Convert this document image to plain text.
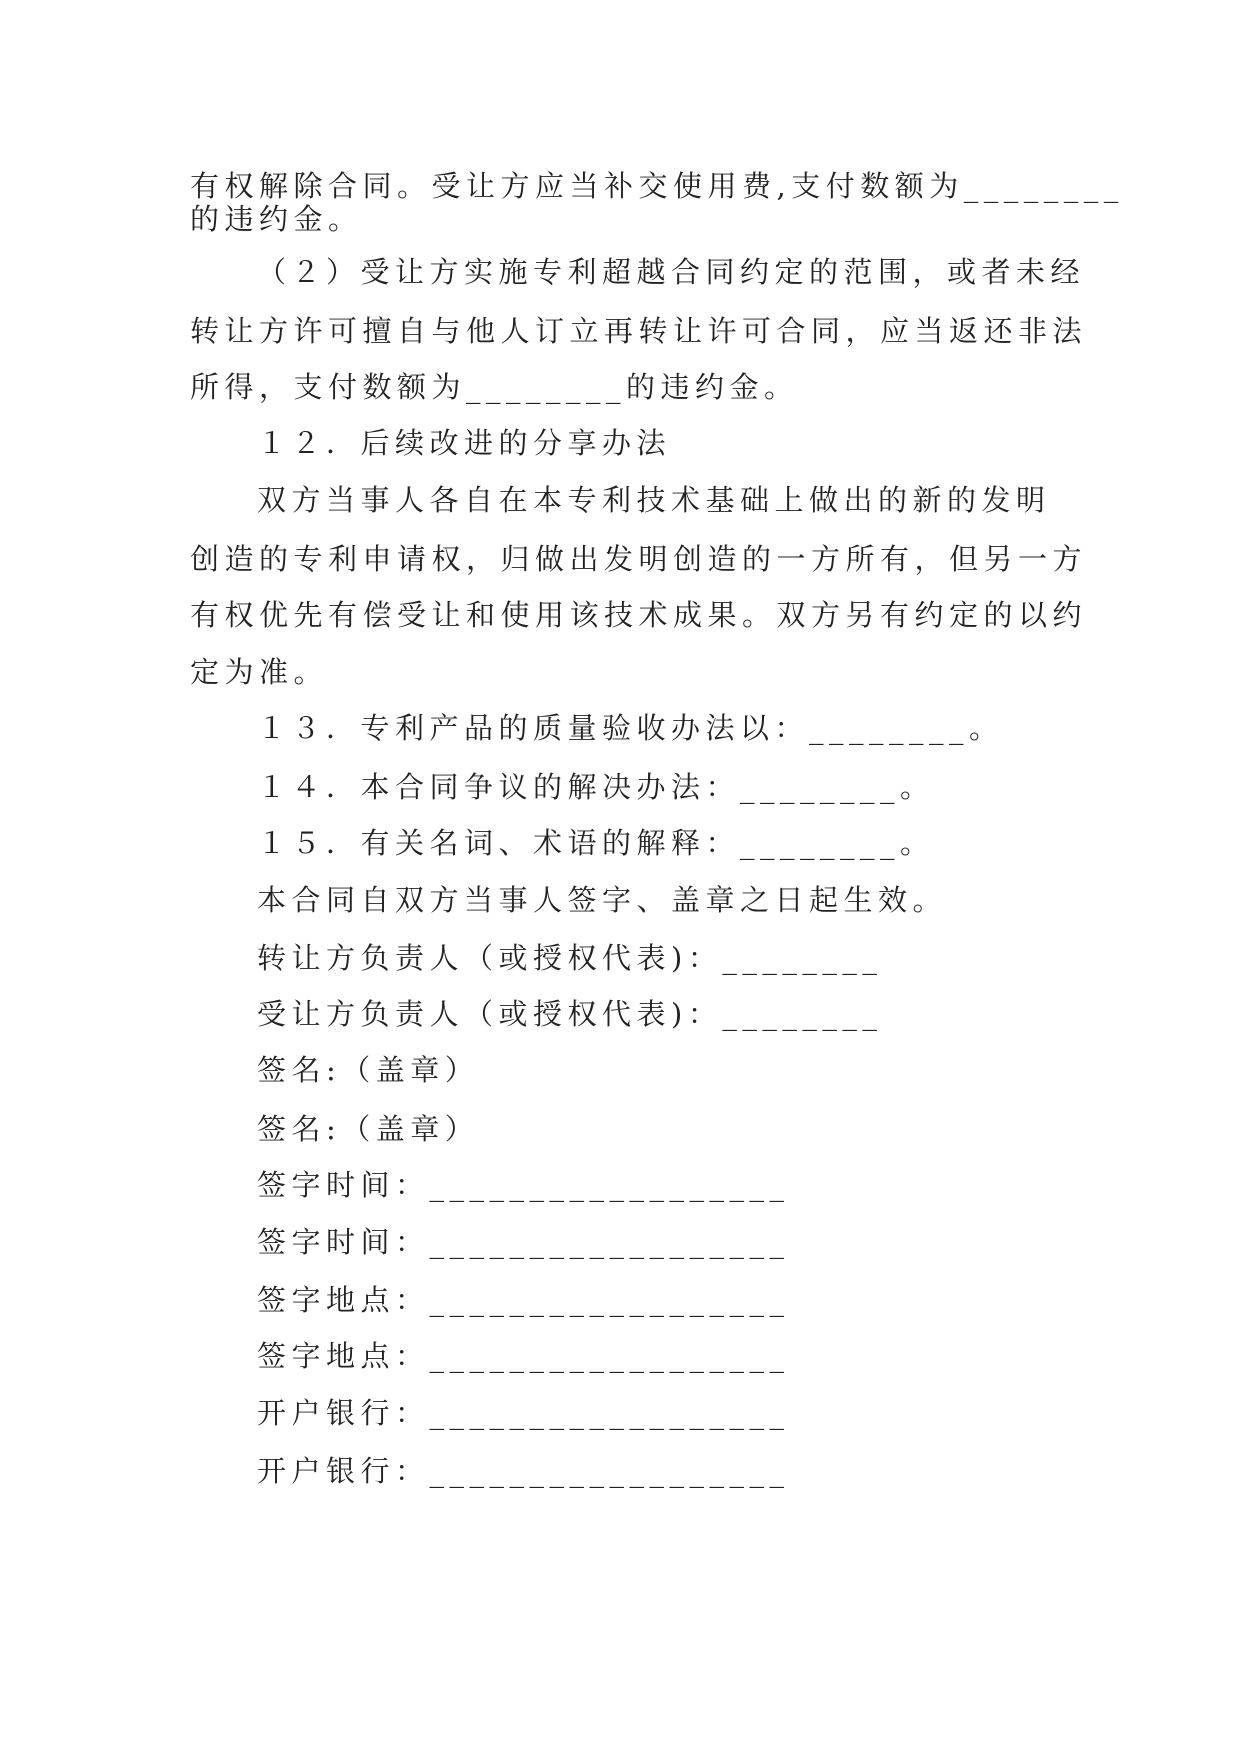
有权解除合同。受让方应当补交使用费,支付数额为________
的违约金。
（２）受让方实施专利超越合同约定的范围，或者未经
转让方许可擅自与他人订立再转让许可合同，应当返还非法
所得，支付数额为________的违约金。
１２．后续改进的分享办法
双方当事人各自在本专利技术基础上做出的新的发明
创造的专利申请权，归做出发明创造的一方所有，但另一方
有权优先有偿受让和使用该技术成果。双方另有约定的以约
定为准。
１３．专利产品的质量验收办法以：________。
１４．本合同争议的解决办法：________。
１５．有关名词、术语的解释：________。
本合同自双方当事人签字、盖章之日起生效。
转让方负责人（或授权代表)：________
受让方负责人（或授权代表)：________
签名:（盖章）
签名:（盖章）
签字时间：__________________
签字时间：__________________
签字地点：__________________
签字地点：__________________
开户银行：__________________
开户银行：__________________
